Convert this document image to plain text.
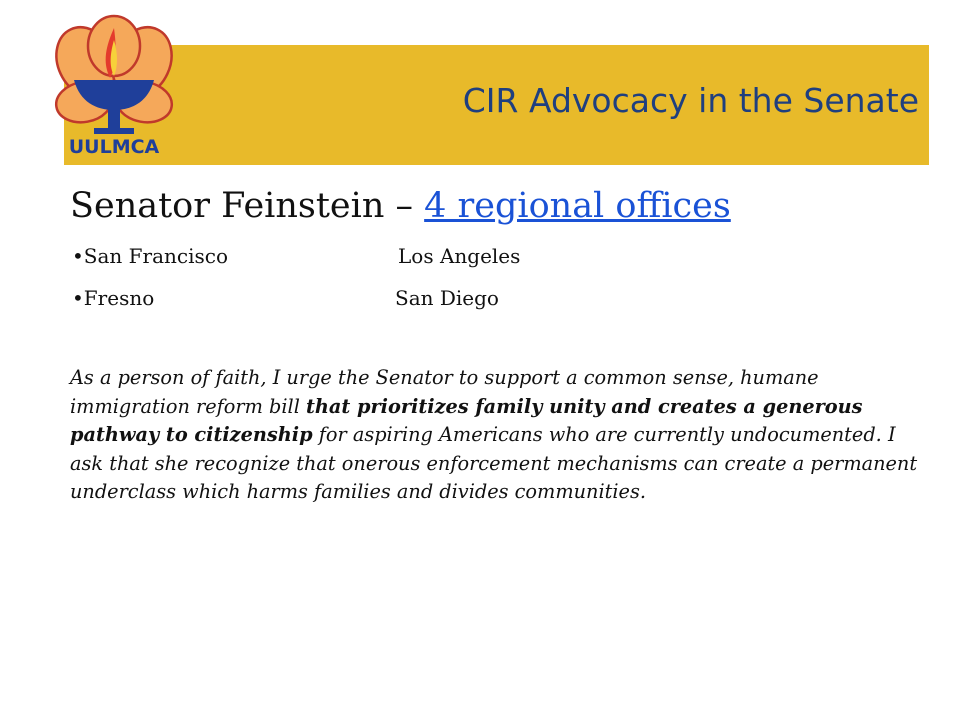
CIR Advocacy in the Senate
UULMCA
Senator Feinstein – 4 regional offices
•San Francisco	Los Angeles
•Fresno	San Diego
As a person of faith, I urge the Senator to support a common sense, humane immigration reform bill that prioritizes family unity and creates a generous pathway to citizenship for aspiring Americans who are currently undocumented. I ask that she recognize that onerous enforcement mechanisms can create a permanent underclass which harms families and divides communities.
